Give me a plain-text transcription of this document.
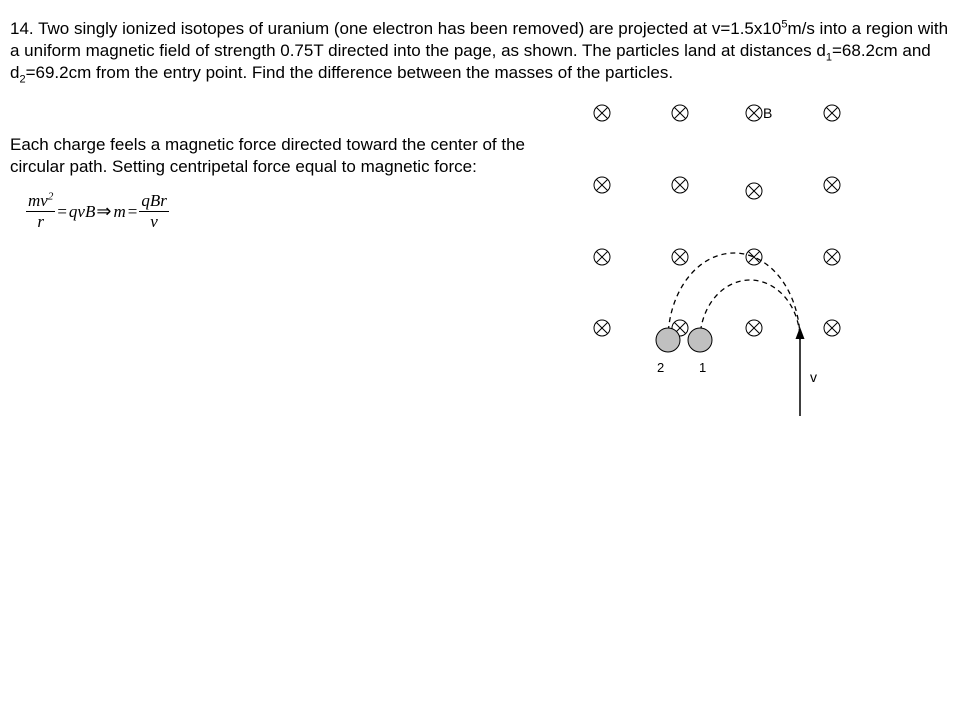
14. Two singly ionized isotopes of uranium (one electron has been removed) are projected at $v=1.5x10^5m/s$ into a region with a uniform magnetic field of strength 0.75T directed into the page, as shown. The particles land at distances $d_1=68.2cm$ and $d_2=69.2cm$ from the entry point. Find the difference between the masses of the particles.

Each charge feels a magnetic force directed toward the center of the circular path. Setting centripetal force equal to magnetic force:

$\frac{mv^2}{r}$ = qvB ⇒ $m = \frac{\text{qBr}}{v}$
B
2	1
v
